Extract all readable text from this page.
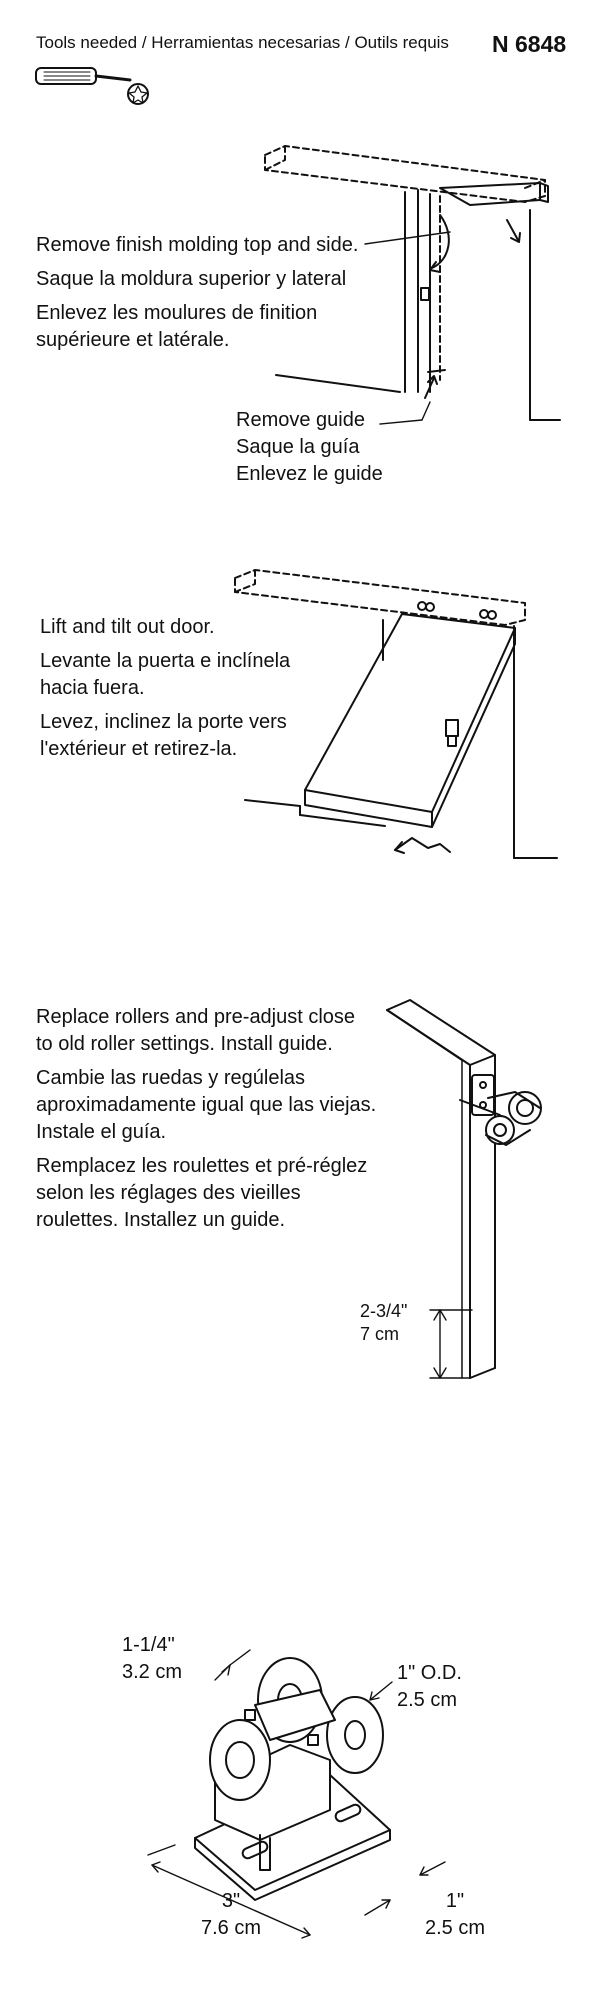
Tools needed / Herramientas necesarias / Outils requis N 6848

Remove finish molding top and side.

Saque la moldura superior y lateral

Enlevez les moulures de finition
supérieure et latérale.

Remove guide
Saque la guía
Enlevez le guide

Lift and tilt out door.

Levante la puerta e inclínela
hacia fuera.

Levez, inclinez la porte vers
l'extérieur et retirez-la.

Replace rollers and pre-adjust close
to old roller settings. Install guide.

Cambie las ruedas y regúlelas
aproximadamente igual que las viejas.
Instale el guía.

Remplacez les roulettes et pré-réglez
selon les réglages des vieilles
roulettes. Installez un guide.

2-3/4"
7 cm
1-1/4"
3.2 cm	1" O.D.
2.5 cm
3"
7.6 cm
1"
2.5 cm
